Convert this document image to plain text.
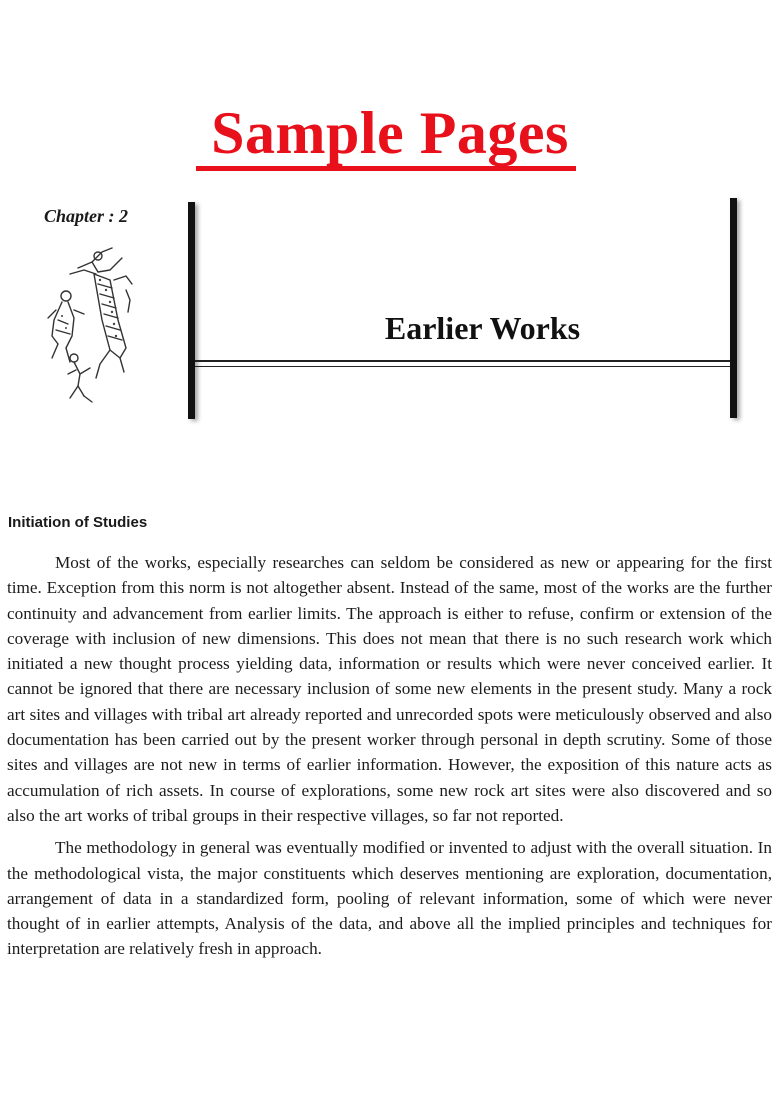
Sample Pages
Chapter : 2
Earlier Works
Initiation of Studies

Most of the works, especially researches can seldom be considered as new or appearing for the first time. Exception from this norm is not altogether absent. Instead of the same, most of the works are the further continuity and advancement from earlier limits. The approach is either to refuse, confirm or extension of the coverage with inclusion of new dimensions. This does not mean that there is no such research work which initiated a new thought process yielding data, information or results which were never conceived earlier. It cannot be ignored that there are necessary inclusion of some new elements in the present study. Many a rock art sites and villages with tribal art already reported and unrecorded spots were meticulously observed and also documentation has been carried out by the present worker through personal in depth scrutiny. Some of those sites and villages are not new in terms of earlier information. However, the exposition of this nature acts as accumulation of rich assets. In course of explorations, some new rock art sites were also discovered and so also the art works of tribal groups in their respective villages, so far not reported.

The methodology in general was eventually modified or invented to adjust with the overall situation. In the methodological vista, the major constituents which deserves mentioning are exploration, documentation, arrangement of data in a standardized form, pooling of relevant information, some of which were never thought of in earlier attempts, Analysis of the data, and above all the implied principles and techniques for interpretation are relatively fresh in approach.
